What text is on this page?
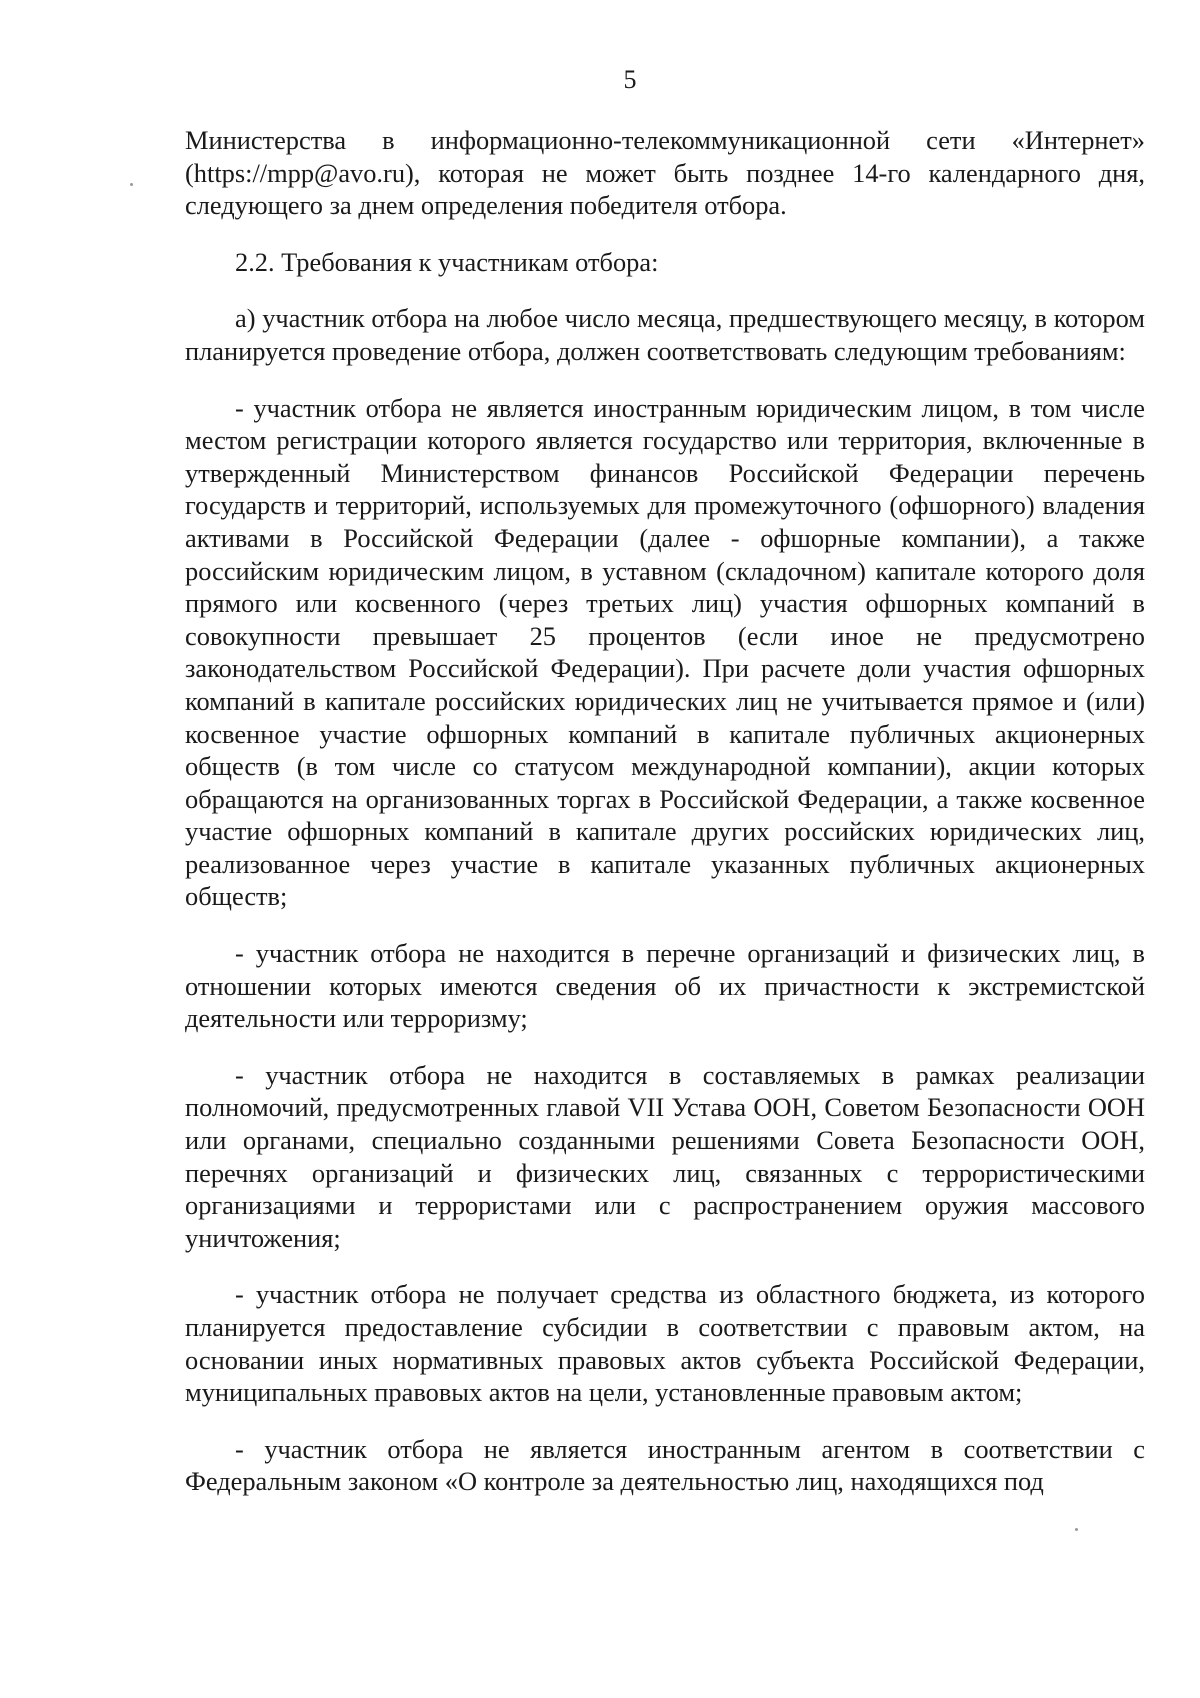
5

Министерства в информационно-телекоммуникационной сети «Интернет» (https://mpp@avo.ru), которая не может быть позднее 14-го календарного дня, следующего за днем определения победителя отбора.

2.2. Требования к участникам отбора:

а) участник отбора на любое число месяца, предшествующего месяцу, в котором планируется проведение отбора, должен соответствовать следующим требованиям:

- участник отбора не является иностранным юридическим лицом, в том числе местом регистрации которого является государство или территория, включенные в утвержденный Министерством финансов Российской Федерации перечень государств и территорий, используемых для промежуточного (офшорного) владения активами в Российской Федерации (далее - офшорные компании), а также российским юридическим лицом, в уставном (складочном) капитале которого доля прямого или косвенного (через третьих лиц) участия офшорных компаний в совокупности превышает 25 процентов (если иное не предусмотрено законодательством Российской Федерации). При расчете доли участия офшорных компаний в капитале российских юридических лиц не учитывается прямое и (или) косвенное участие офшорных компаний в капитале публичных акционерных обществ (в том числе со статусом международной компании), акции которых обращаются на организованных торгах в Российской Федерации, а также косвенное участие офшорных компаний в капитале других российских юридических лиц, реализованное через участие в капитале указанных публичных акционерных обществ;

- участник отбора не находится в перечне организаций и физических лиц, в отношении которых имеются сведения об их причастности к экстремистской деятельности или терроризму;

- участник отбора не находится в составляемых в рамках реализации полномочий, предусмотренных главой VII Устава ООН, Советом Безопасности ООН или органами, специально созданными решениями Совета Безопасности ООН, перечнях организаций и физических лиц, связанных с террористическими организациями и террористами или с распространением оружия массового уничтожения;

- участник отбора не получает средства из областного бюджета, из которого планируется предоставление субсидии в соответствии с правовым актом, на основании иных нормативных правовых актов субъекта Российской Федерации, муниципальных правовых актов на цели, установленные правовым актом;

- участник отбора не является иностранным агентом в соответствии с Федеральным законом «О контроле за деятельностью лиц, находящихся под
